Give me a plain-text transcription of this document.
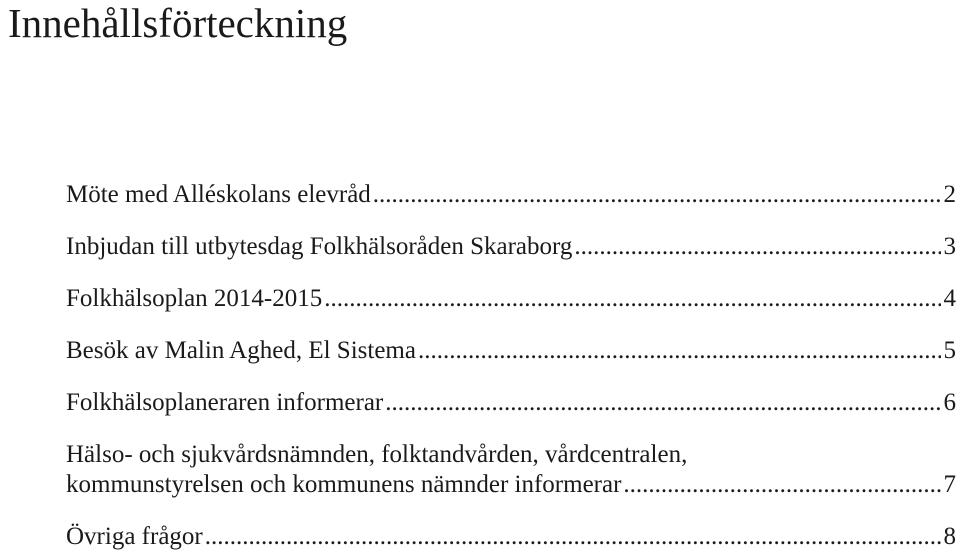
Innehållsförteckning
Möte med Alléskolans elevråd .....	2
Inbjudan till utbytesdag Folkhälsoråden Skaraborg .....	3
Folkhälsoplan 2014-2015 .....	4
Besök av Malin Aghed, El Sistema .....	5
Folkhälsoplaneraren informerar .....	6
Hälso- och sjukvårdsnämnden, folktandvården, vårdcentralen,
kommunstyrelsen och kommunens nämnder informerar .....	7
Övriga frågor .....	8
